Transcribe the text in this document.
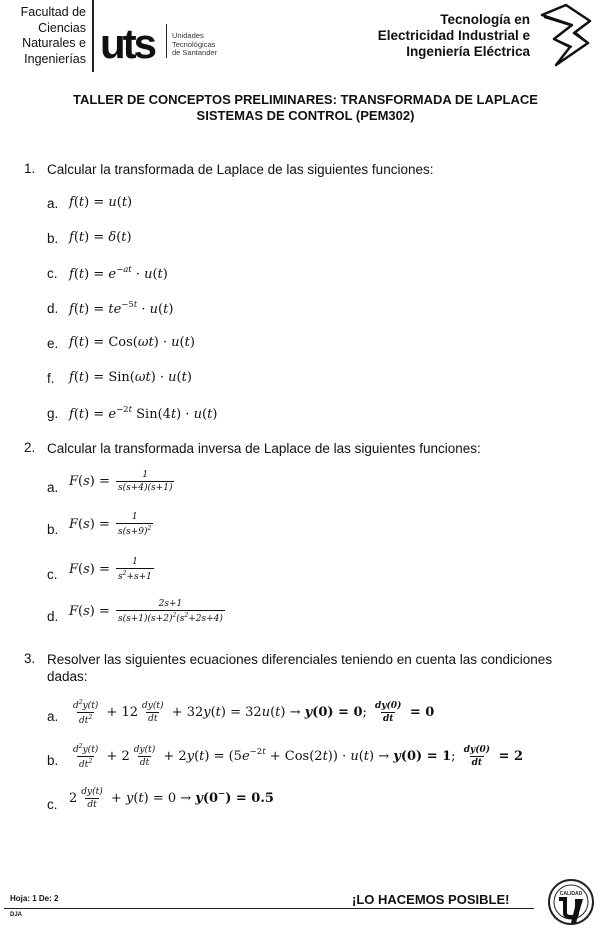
Facultad de
Ciencias
Naturales e
Ingenierías uts Unidades
Tecnológicas
de Santander
Tecnología en
Electricidad Industrial e
Ingeniería Eléctrica
TALLER DE CONCEPTOS PRELIMINARES: TRANSFORMADA DE LAPLACE
SISTEMAS DE CONTROL (PEM302)
1. Calcular la transformada de Laplace de las siguientes funciones:
a. f(t) = u(t)
b. f(t) = δ(t)
c. $f(t) = e^{-at} \cdot u(t)$
d. $f(t) = te^{-5t} \cdot u(t)$
e. f(t) = Cos(ωt) · u(t)
f. f(t) = Sin(ωt) · u(t)
g. $f(t) = e^{-2t}$ Sin(4t) · u(t)
2. Calcular la transformada inversa de Laplace de las siguientes funciones:
a. $F(s) = \frac{1}{s(s+4)(s+1)}$
b. $F(s) = \frac{1}{s(s+9)^2}$
c. $F(s) = \frac{1}{s^2+s+1}$
d. $F(s) = \frac{2s+1}{s(s+1)(s+2)^2(s^2+2s+4)}$
3. Resolver las siguientes ecuaciones diferenciales teniendo en cuenta las condiciones
dadas:
a. $\frac{d^2y(t)}{dt^2} + 12 \frac{dy(t)}{dt} + 32y(t) = 32u(t) \to y(0) = 0$; $\frac{dy(0)}{dt} = 0$
b. $\frac{d^2y(t)}{dt^2} + 2 \frac{dy(t)}{dt} + 2y(t) = (5e^{-2t} + Cos(2t)) \cdot u(t) \to y(0) = 1$; $\frac{dy(0)}{dt} = 2$
c. $2 \frac{dy(t)}{dt} + y(t) = 0 \to y(0^-) = 0.5$
Hoja: 1 De: 2
DJA
¡LO HACEMOS POSIBLE!	CALIDAD
